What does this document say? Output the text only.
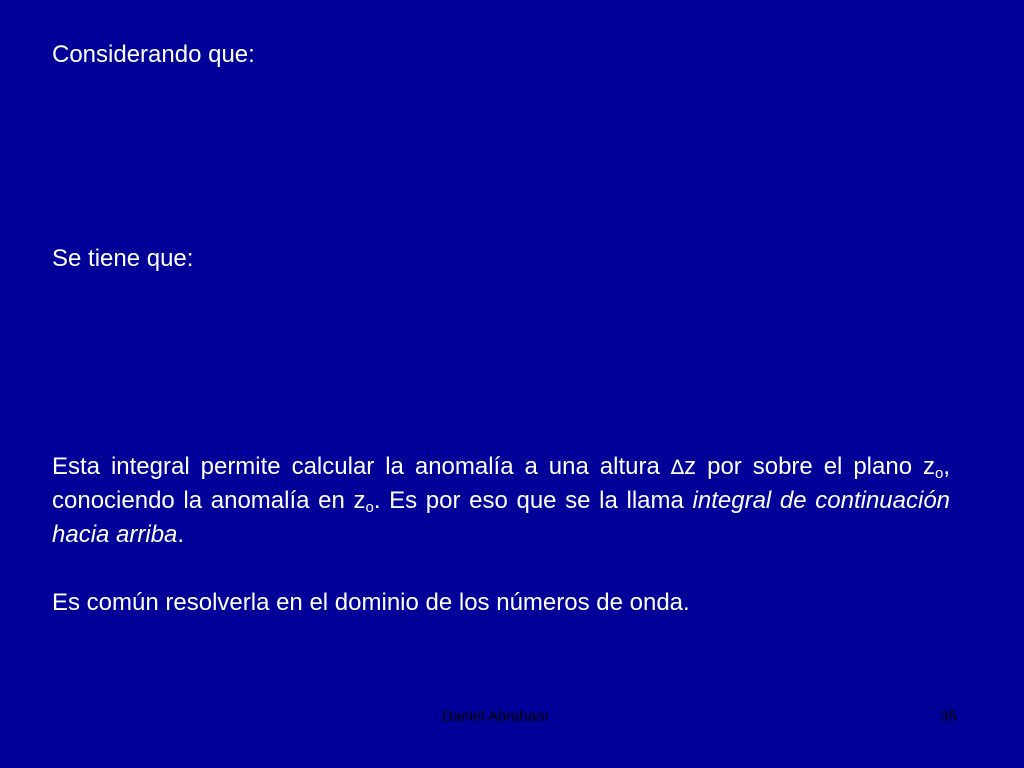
Considerando que:
Se tiene que:
Esta integral permite calcular la anomalía a una altura ∆z por sobre el plano $z_o$, conociendo la anomalía en $z_o$. Es por eso que se la llama integral de continuación hacia arriba.
Es común resolverla en el dominio de los números de onda.
Daniel Abraham	35
